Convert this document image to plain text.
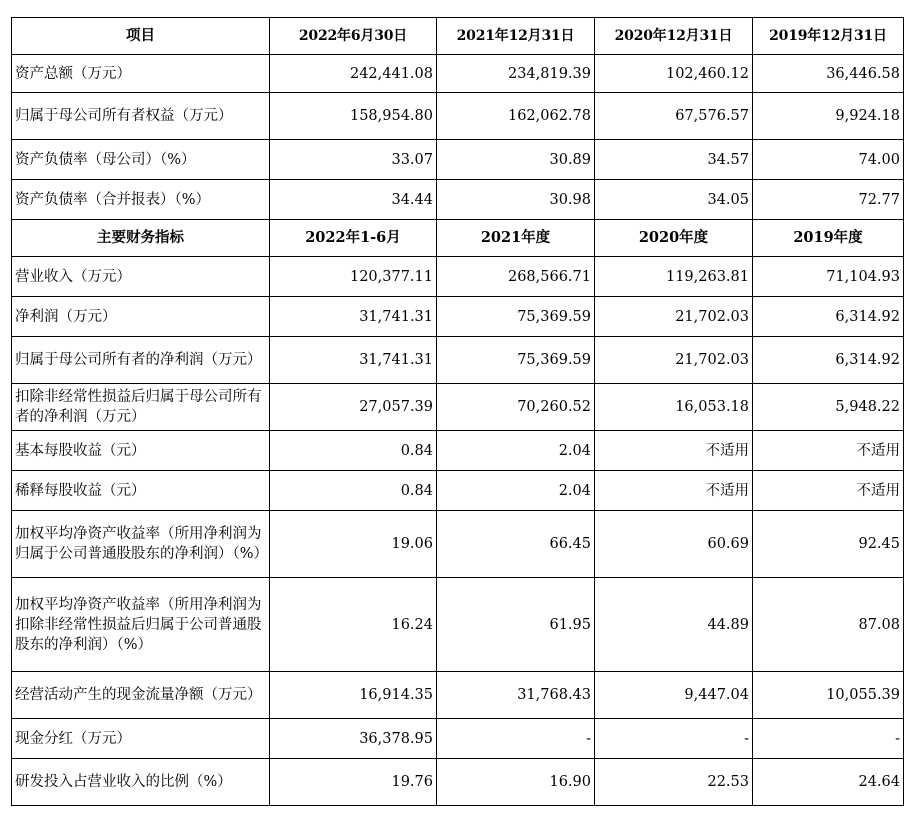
项目	2022年6月30日	2021年12月31日	2020年12月31日	2019年12月31日
资产总额（万元）	242,441.08	234,819.39	102,460.12	36,446.58
归属于母公司所有者权益（万元）	158,954.80	162,062.78	67,576.57	9,924.18
资产负债率（母公司）（%）	33.07	30.89	34.57	74.00
资产负债率（合并报表）（%）	34.44	30.98	34.05	72.77
主要财务指标	2022年1-6月	2021年度	2020年度	2019年度
营业收入（万元）	120,377.11	268,566.71	119,263.81	71,104.93
净利润（万元）	31,741.31	75,369.59	21,702.03	6,314.92
归属于母公司所有者的净利润（万元）	31,741.31	75,369.59	21,702.03	6,314.92
扣除非经常性损益后归属于母公司所有者的净利润（万元）	27,057.39	70,260.52	16,053.18	5,948.22
基本每股收益（元）	0.84	2.04	不适用	不适用
稀释每股收益（元）	0.84	2.04	不适用	不适用
加权平均净资产收益率（所用净利润为归属于公司普通股股东的净利润）（%）	19.06	66.45	60.69	92.45
加权平均净资产收益率（所用净利润为扣除非经常性损益后归属于公司普通股股东的净利润）（%）	16.24	61.95	44.89	87.08
经营活动产生的现金流量净额（万元）	16,914.35	31,768.43	9,447.04	10,055.39
现金分红（万元）	36,378.95	-	-	-
研发投入占营业收入的比例（%）	19.76	16.90	22.53	24.64
